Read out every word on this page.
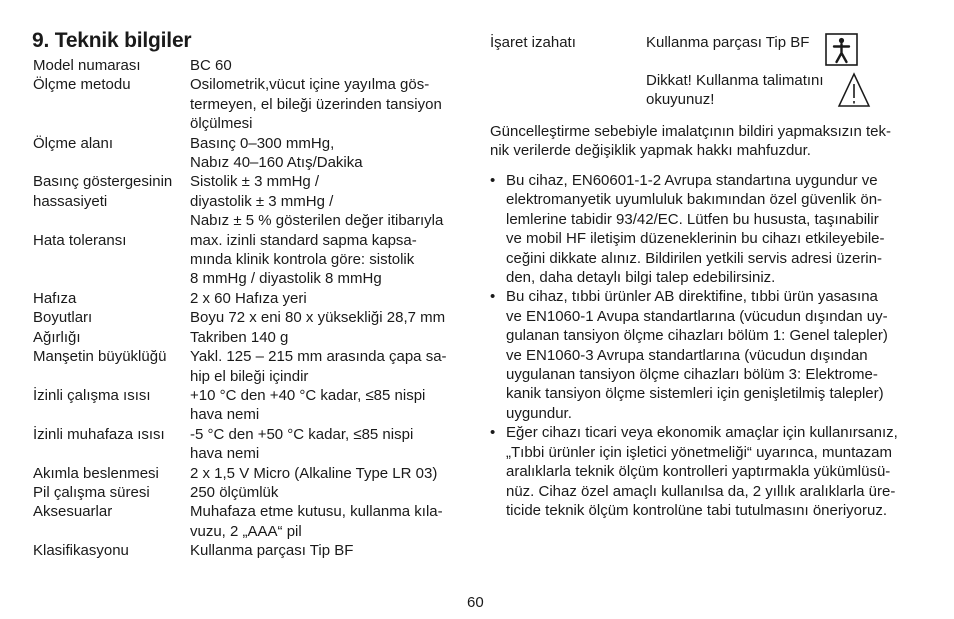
9. Teknik bilgiler
Model numarası	BC 60
Ölçme metodu	Osilometrik,vücut içine yayılma gös-
termeyen, el bileği üzerinden tansiyon
ölçülmesi
Ölçme alanı	Basınç 0–300 mmHg,
Nabız 40–160 Atış/Dakika
Basınç göstergesinin	Sistolik ± 3 mmHg /
hassasiyeti	diyastolik ± 3 mmHg /
Nabız ± 5 % gösterilen değer itibarıyla
Hata toleransı	max. izinli standard sapma kapsa-
mında klinik kontrola göre: sistolik
8 mmHg / diyastolik 8 mmHg
Hafıza	2 x 60 Hafıza yeri
Boyutları	Boyu 72 x eni 80 x yüksekliği 28,7 mm
Ağırlığı	Takriben 140 g
Manşetin büyüklüğü	Yakl. 125 – 215 mm arasında çapa sa-
hip el bileği içindir
İzinli çalışma ısısı	+10 °C den +40 °C kadar, ≤85 nispi
hava nemi
İzinli muhafaza ısısı	-5 °C den +50 °C kadar, ≤85 nispi
hava nemi
Akımla beslenmesi	2 x 1,5 V Micro (Alkaline Type LR 03)
Pil çalışma süresi	250 ölçümlük
Aksesuarlar	Muhafaza etme kutusu, kullanma kıla-
vuzu, 2 „AAA“ pil
Klasifikasyonu	Kullanma parçası Tip BF
İşaret izahatı	Kullanma parçası Tip BF
Dikkat! Kullanma talimatını
okuyunuz!
Güncelleştirme sebebiyle imalatçının bildiri yapmaksızın tek-
nik verilerde değişiklik yapmak hakkı mahfuzdur.
• Bu cihaz, EN60601-1-2 Avrupa standartına uygundur ve
elektromanyetik uyumluluk bakımından özel güvenlik ön-
lemlerine tabidir 93/42/EC. Lütfen bu hususta, taşınabilir
ve mobil HF iletişim düzeneklerinin bu cihazı etkileyebile-
ceğini dikkate alınız. Bildirilen yetkili servis adresi üzerin-
den, daha detaylı bilgi talep edebilirsiniz.
• Bu cihaz, tıbbi ürünler AB direktifine, tıbbi ürün yasasına
ve EN1060-1 Avupa standartlarına (vücudun dışından uy-
gulanan tansiyon ölçme cihazları bölüm 1: Genel talepler)
ve EN1060-3 Avrupa standartlarına (vücudun dışından
uygulanan tansiyon ölçme cihazları bölüm 3: Elektrome-
kanik tansiyon ölçme sistemleri için genişletilmiş talepler)
uygundur.
• Eğer cihazı ticari veya ekonomik amaçlar için kullanırsanız,
„Tıbbi ürünler için işletici yönetmeliği“ uyarınca, muntazam
aralıklarla teknik ölçüm kontrolleri yaptırmakla yükümlüsü-
nüz. Cihaz özel amaçlı kullanılsa da, 2 yıllık aralıklarla üre-
ticide teknik ölçüm kontrolüne tabi tutulmasını öneriyoruz.
60
